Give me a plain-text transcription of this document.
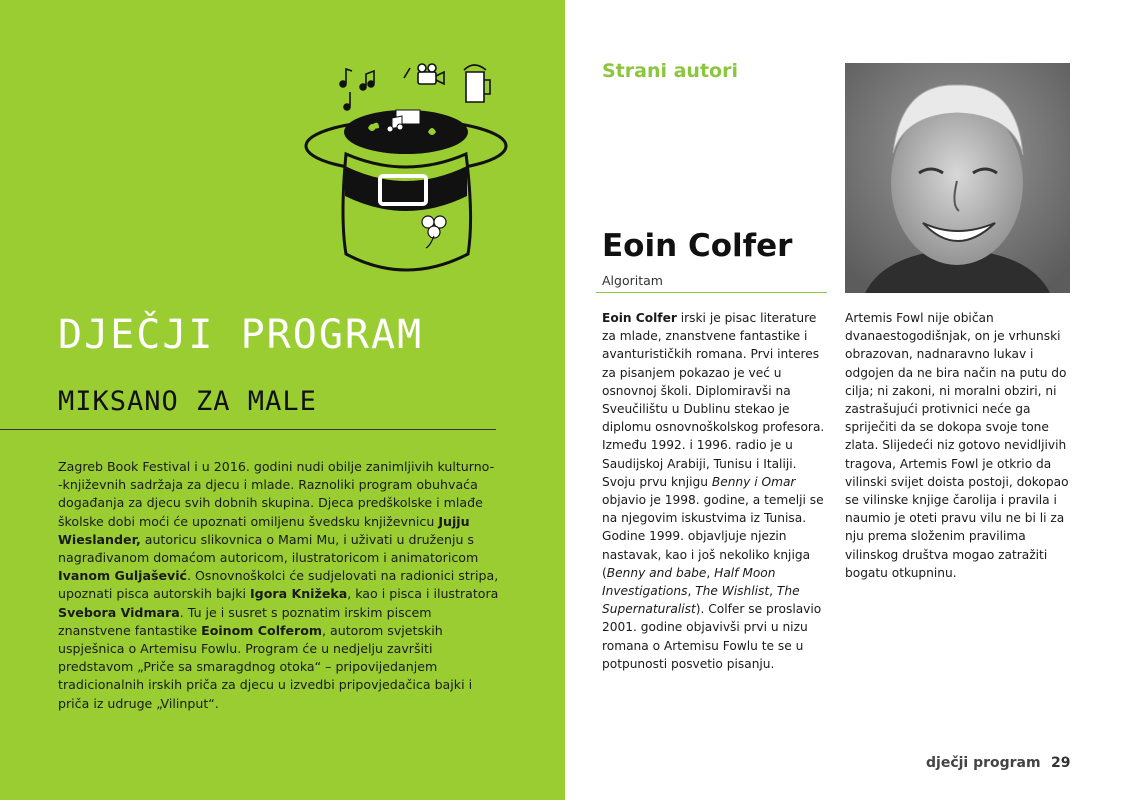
DJEČJI PROGRAM
MIKSANO ZA MALE

Zagreb Book Festival i u 2016. godini nudi obilje zanimljivih kulturno- -književnih sadržaja za djecu i mlade. Raznoliki program obuhvaća događanja za djecu svih dobnih skupina. Djeca predškolske i mlađe školske dobi moći će upoznati omiljenu švedsku književnicu Jujju Wieslander, autoricu slikovnica o Mami Mu, i uživati u druženju s nagrađivanom domaćom autoricom, ilustratoricom i animatoricom Ivanom Guljašević. Osnovnoškolci će sudjelovati na radionici stripa, upoznati pisca autorskih bajki Igora Knižeka, kao i pisca i ilustratora Svebora Vidmara. Tu je i susret s poznatim irskim piscem znanstvene fantastike Eoinom Colferom, autorom svjetskih uspješnica o Artemisu Fowlu. Program će u nedjelju završiti predstavom „Priče sa smaragdnog otoka“ – pripovijedanjem tradicionalnih irskih priča za djecu u izvedbi pripovjedačica bajki i priča iz udruge „Vilinput“.

Strani autori
Eoin Colfer

Algoritam

Eoin Colfer irski je pisac literature za mlade, znanstvene fantastike i avanturističkih romana. Prvi interes za pisanjem pokazao je već u osnovnoj školi. Diplomiravši na Sveučilištu u Dublinu stekao je diplomu osnovnoškolskog profesora. Između 1992. i 1996. radio je u Saudijskoj Arabiji, Tunisu i Italiji. Svoju prvu knjigu Benny i Omar objavio je 1998. godine, a temelji se na njegovim iskustvima iz Tunisa. Godine 1999. objavljuje njezin nastavak, kao i još nekoliko knjiga (Benny and babe, Half Moon Investigations, The Wishlist, The Supernaturalist). Colfer se proslavio 2001. godine objavivši prvi u nizu romana o Artemisu Fowlu te se u potpunosti posvetio pisanju.

Artemis Fowl nije običan dvanaestogodišnjak, on je vrhunski obrazovan, nadnaravno lukav i odgojen da ne bira način na putu do cilja; ni zakoni, ni moralni obziri, ni zastrašujući protivnici neće ga spriječiti da se dokopa svoje tone zlata. Slijedeći niz gotovo nevidljivih tragova, Artemis Fowl je otkrio da vilinski svijet doista postoji, dokopao se vilinske knjige čarolija i pravila i naumio je oteti pravu vilu ne bi li za nju prema složenim pravilima vilinskog društva mogao zatražiti bogatu otkupninu.

dječji program 29
